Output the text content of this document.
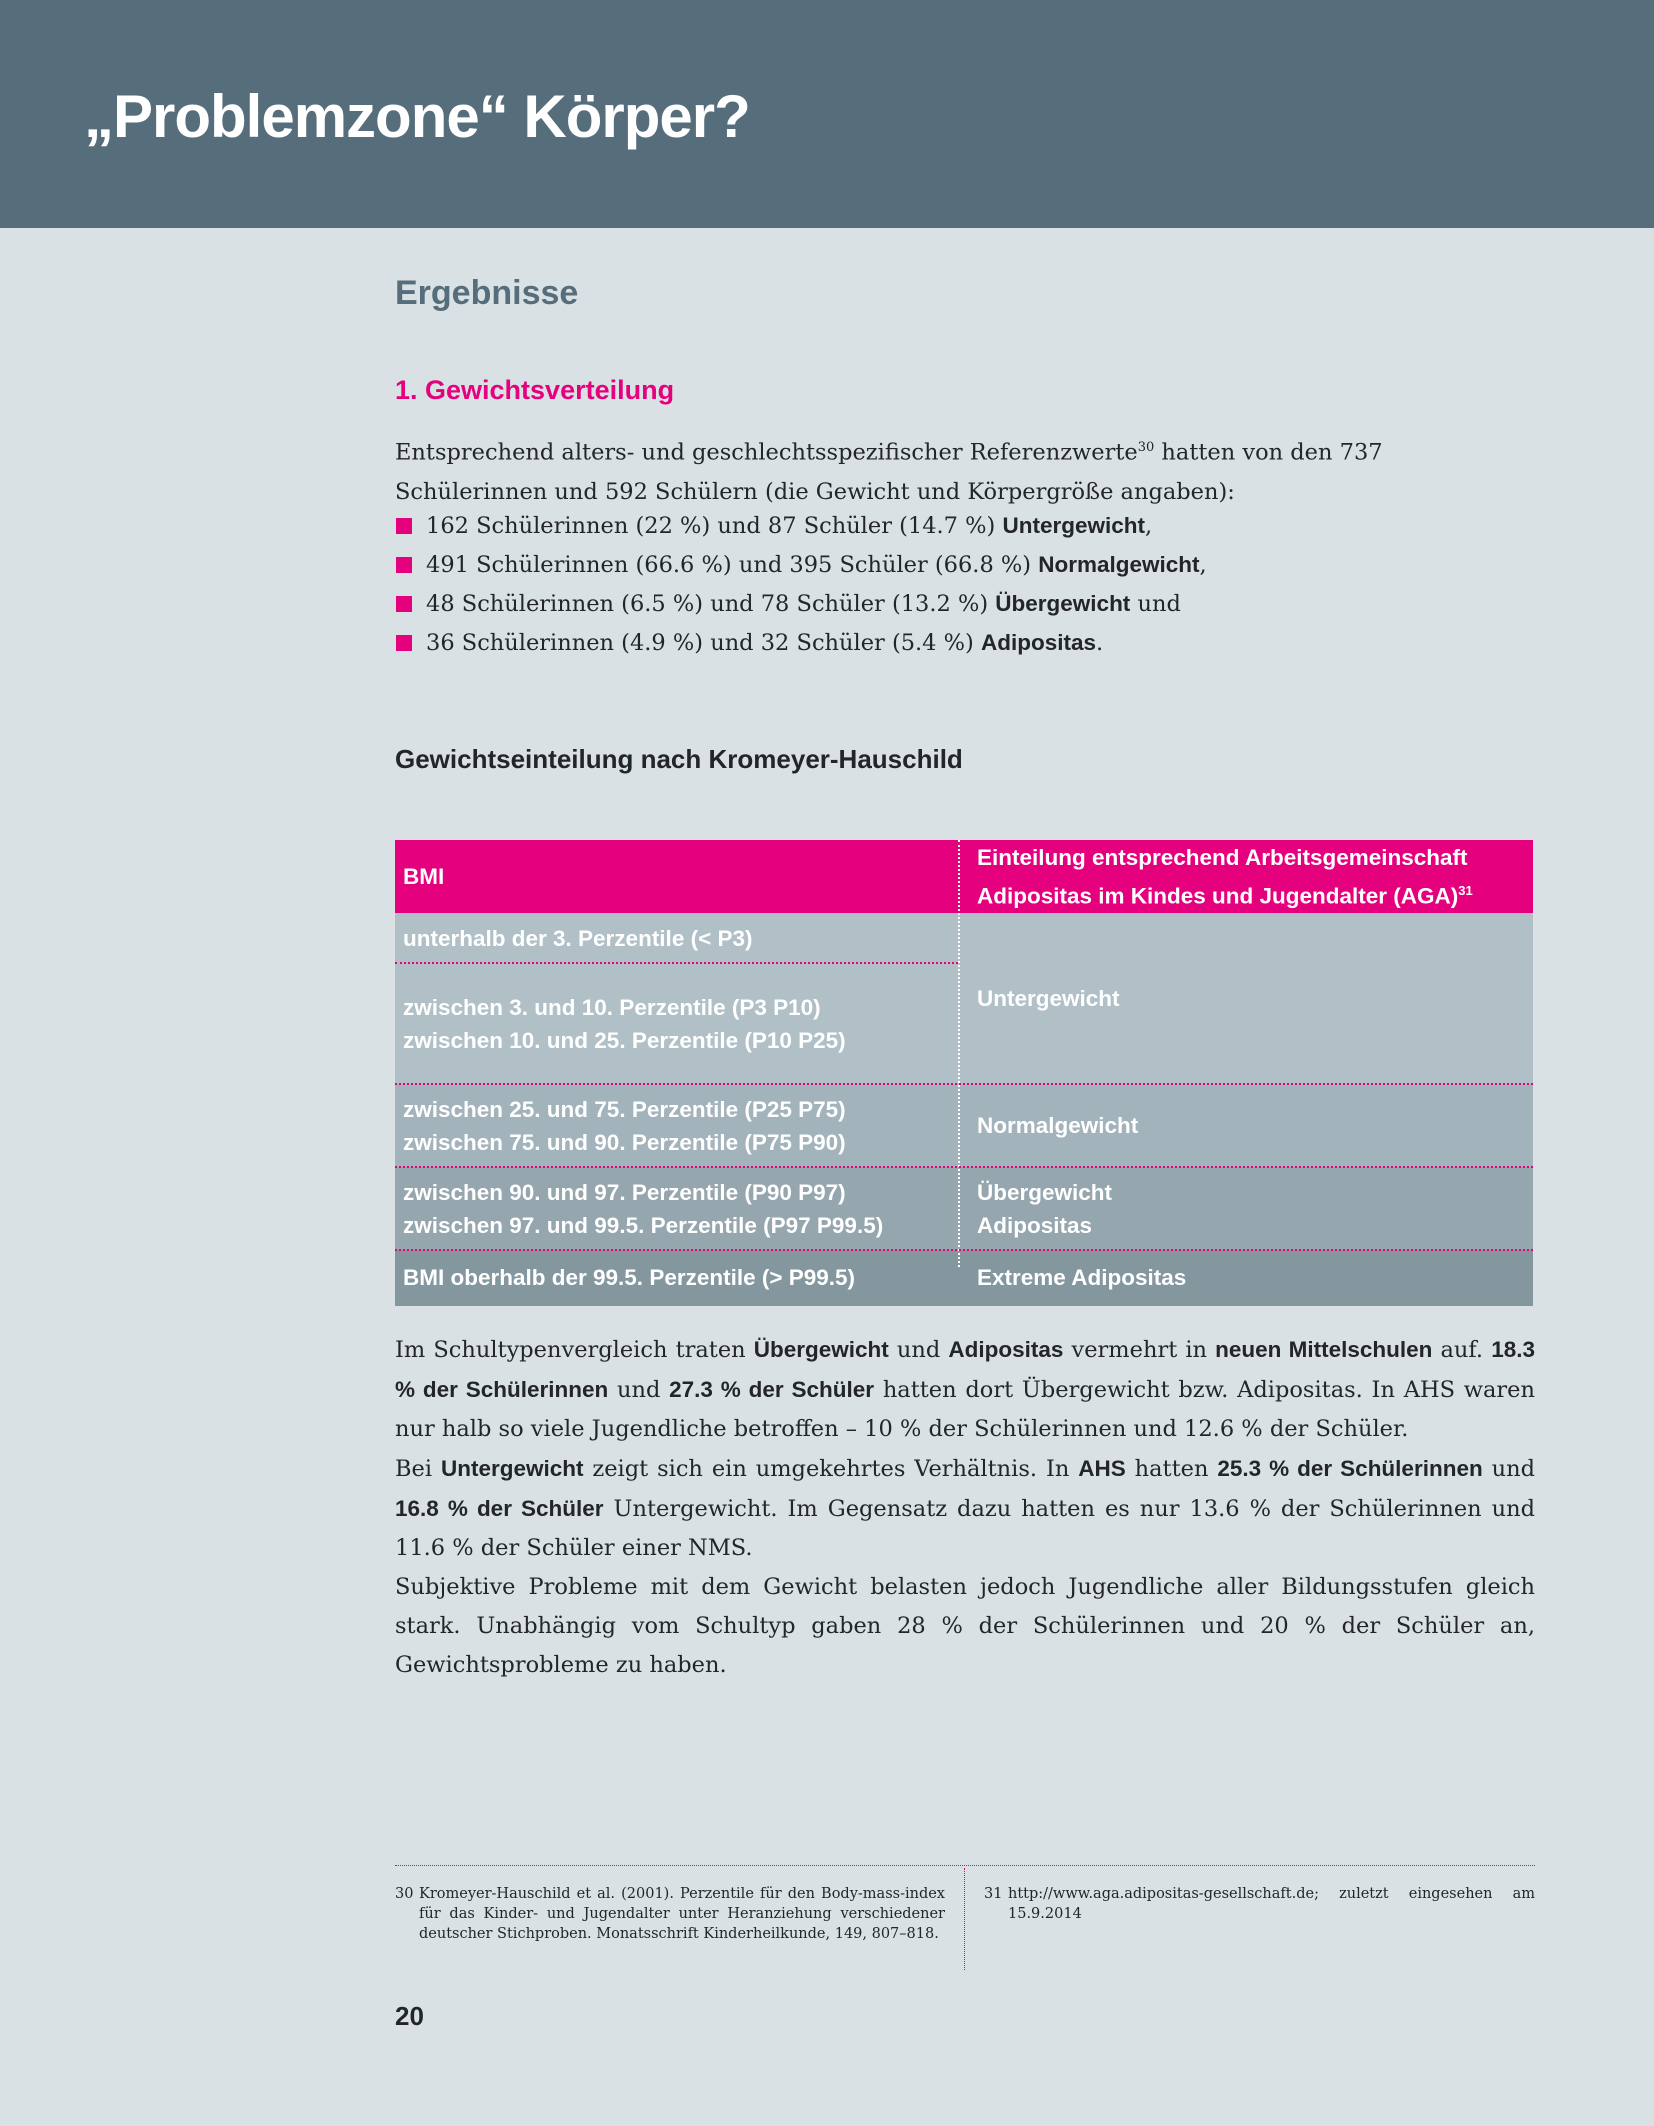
„Problemzone“ Körper?
Ergebnisse
1. Gewichtsverteilung

Entsprechend alters- und geschlechtsspezifischer Referenzwerte$^{30}$ hatten von den 737 Schülerinnen und 592 Schülern (die Gewicht und Körpergröße angaben):

162 Schülerinnen (22 %) und 87 Schüler (14.7 %) Untergewicht,
491 Schülerinnen (66.6 %) und 395 Schüler (66.8 %) Normalgewicht,
48 Schülerinnen (6.5 %) und 78 Schüler (13.2 %) Übergewicht und
36 Schülerinnen (4.9 %) und 32 Schüler (5.4 %) Adipositas.
Gewichtseinteilung nach Kromeyer-Hauschild
BMI
Einteilung entsprechend Arbeitsgemeinschaft
Adipositas im Kindes und Jugendalter (AGA)$^{31}$
unterhalb der 3. Perzentile (< P3)
zwischen 3. und 10. Perzentile (P3 P10)
zwischen 10. und 25. Perzentile (P10 P25)
Untergewicht
zwischen 25. und 75. Perzentile (P25 P75)
zwischen 75. und 90. Perzentile (P75 P90)
Normalgewicht
zwischen 90. und 97. Perzentile (P90 P97)
zwischen 97. und 99.5. Perzentile (P97 P99.5)
Übergewicht
Adipositas
BMI oberhalb der 99.5. Perzentile (> P99.5)	Extreme Adipositas

Im Schultypenvergleich traten Übergewicht und Adipositas vermehrt in neuen Mittelschulen auf. 18.3 % der Schülerinnen und 27.3 % der Schüler hatten dort Übergewicht bzw. Adipositas. In AHS waren nur halb so viele Jugendliche betroffen – 10 % der Schülerinnen und 12.6 % der Schüler.

Bei Untergewicht zeigt sich ein umgekehrtes Verhältnis. In AHS hatten 25.3 % der Schülerinnen und 16.8 % der Schüler Untergewicht. Im Gegensatz dazu hatten es nur 13.6 % der Schülerinnen und 11.6 % der Schüler einer NMS.

Subjektive Probleme mit dem Gewicht belasten jedoch Jugendliche aller Bildungsstufen gleich stark. Unabhängig vom Schultyp gaben 28 % der Schülerinnen und 20 % der Schüler an, Gewichtsprobleme zu haben.

30 Kromeyer-Hauschild et al. (2001). Perzentile für den Body-mass-index für das Kinder- und Jugendalter unter Heranziehung verschiedener deutscher Stichproben. Monatsschrift Kinderheilkunde, 149, 807–818.
31 http://www.aga.adipositas-gesellschaft.de; zuletzt eingesehen am 15.9.2014
20
